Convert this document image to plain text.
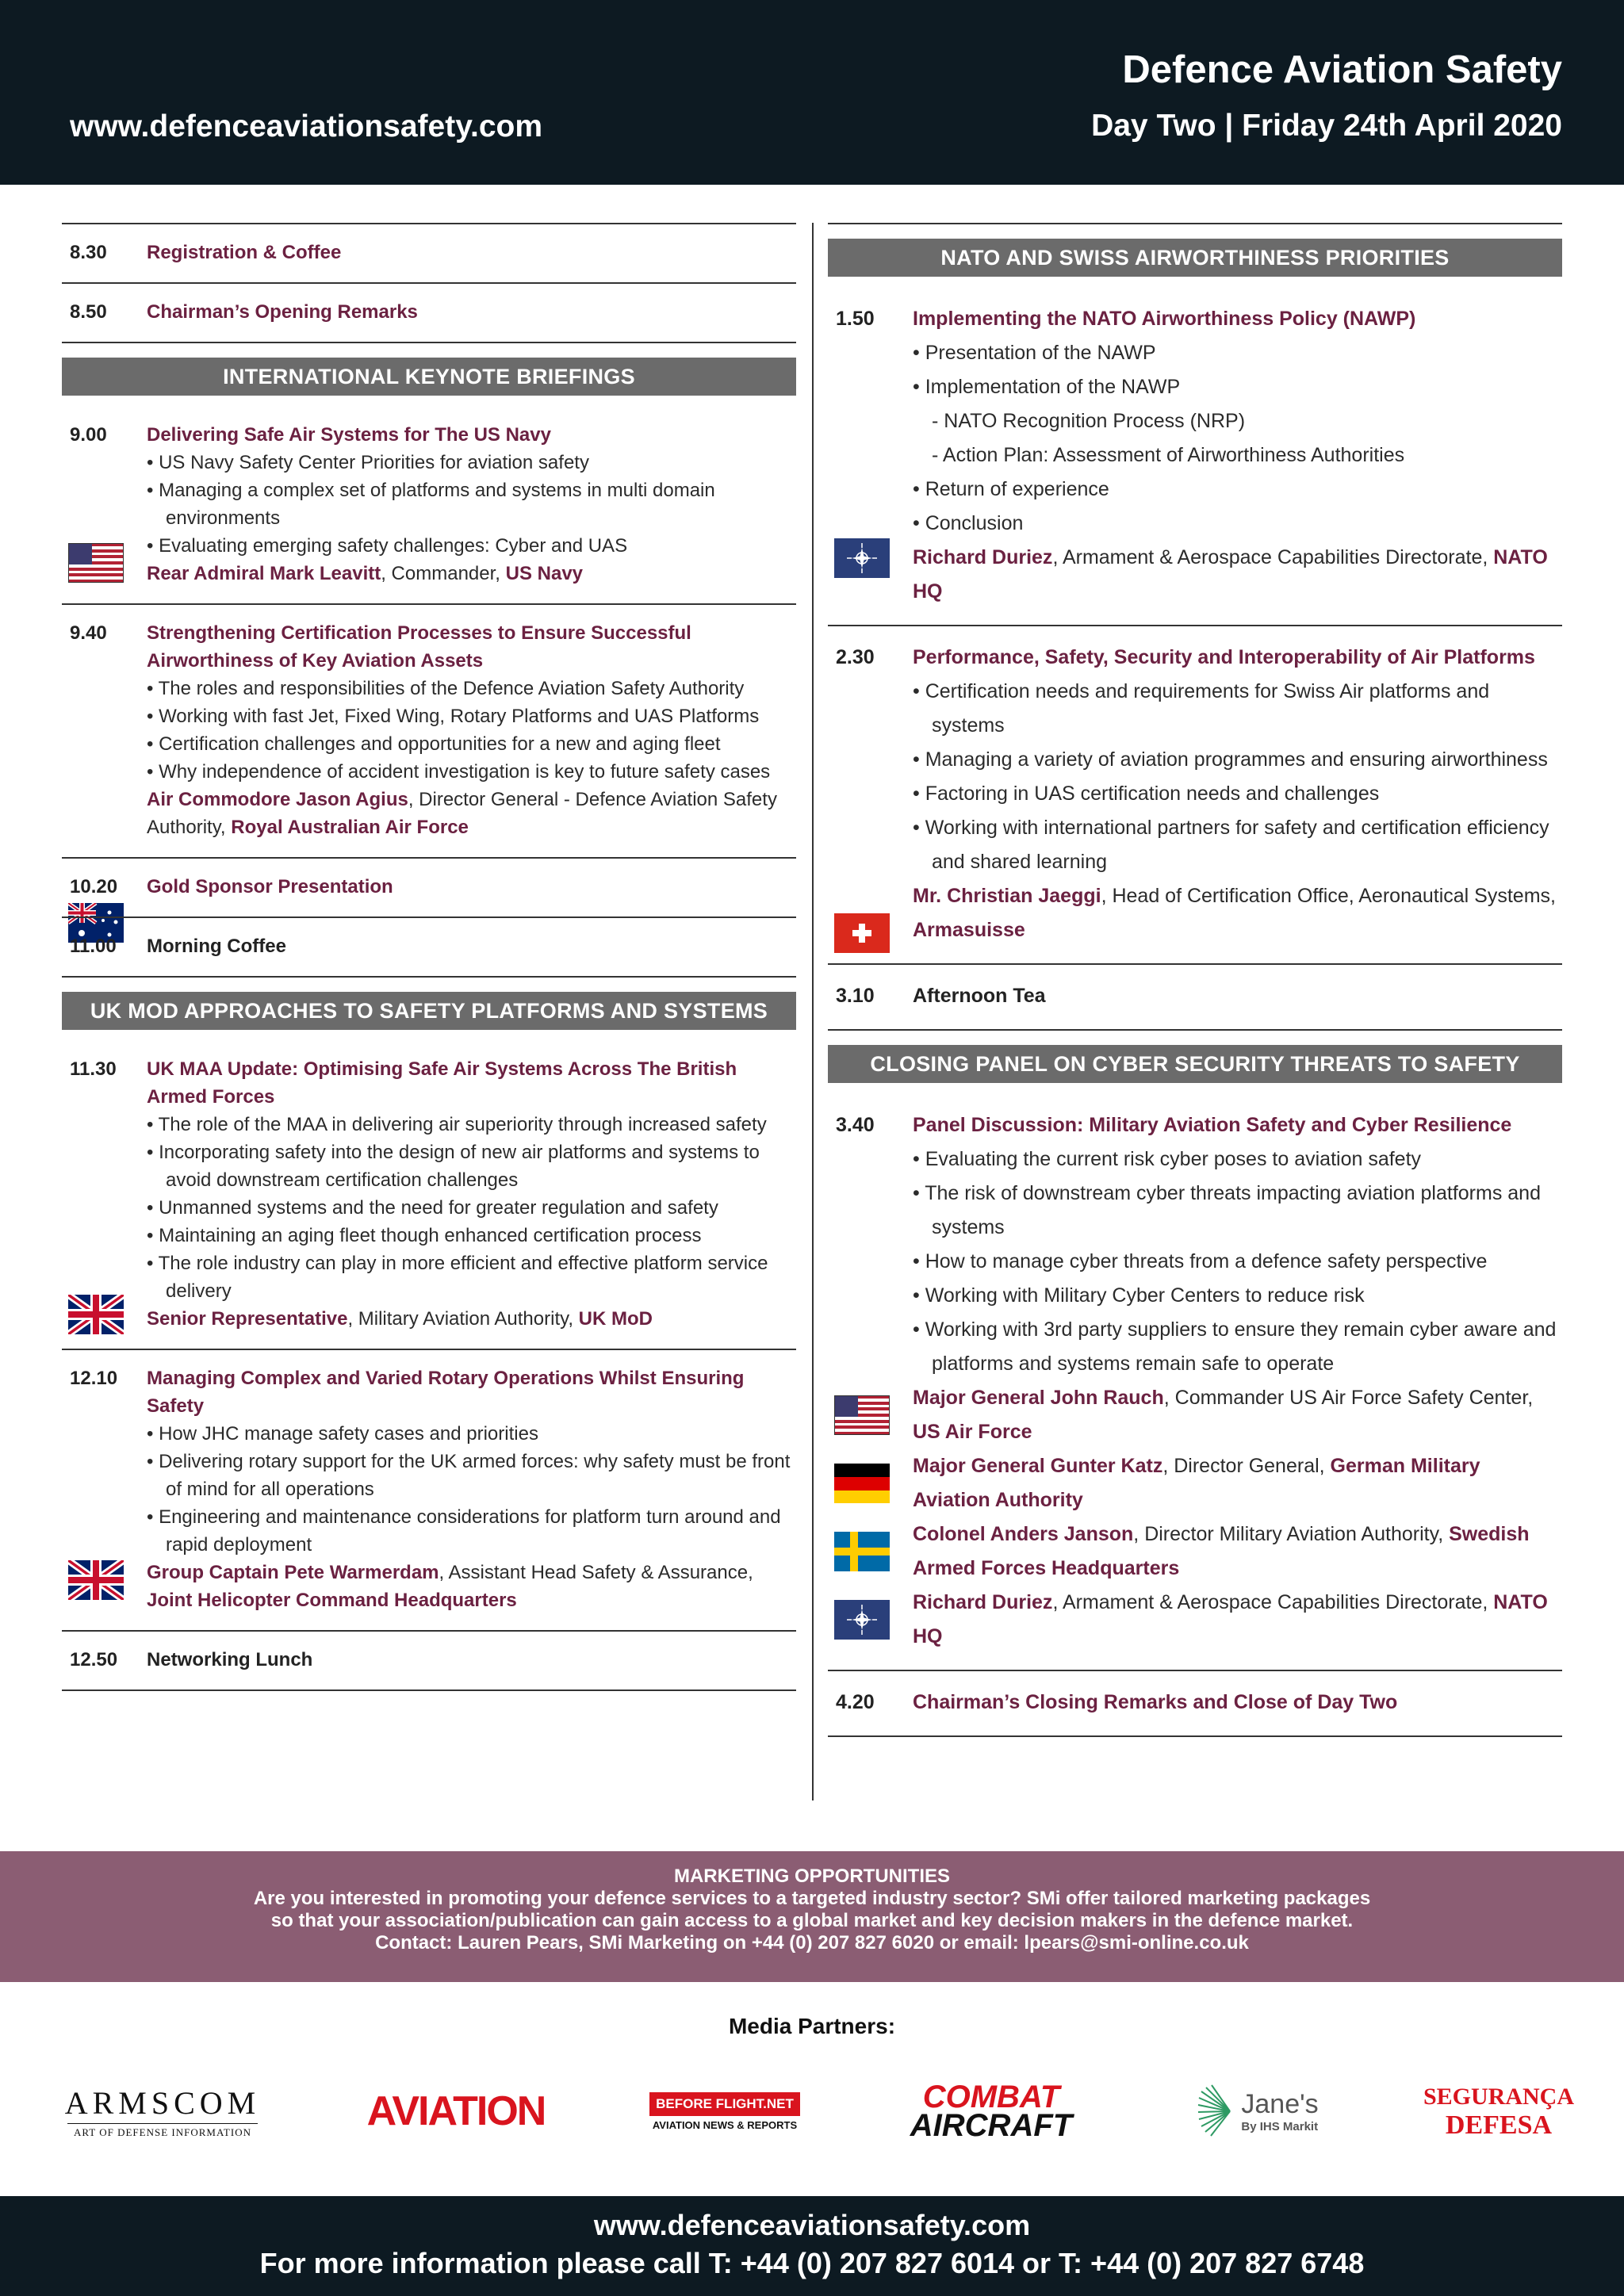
www.defenceaviationsafety.com
Defence Aviation Safety
Day Two | Friday 24th April 2020
8.30	Registration & Coffee
8.50	Chairman’s Opening Remarks
INTERNATIONAL KEYNOTE BRIEFINGS
9.00	Delivering Safe Air Systems for The US Navy
• US Navy Safety Center Priorities for aviation safety
• Managing a complex set of platforms and systems in multi domain environments
• Evaluating emerging safety challenges: Cyber and UAS
Rear Admiral Mark Leavitt, Commander, US Navy
9.40	Strengthening Certification Processes to Ensure Successful Airworthiness of Key Aviation Assets
• The roles and responsibilities of the Defence Aviation Safety Authority
• Working with fast Jet, Fixed Wing, Rotary Platforms and UAS Platforms
• Certification challenges and opportunities for a new and aging fleet
• Why independence of accident investigation is key to future safety cases
Air Commodore Jason Agius, Director General - Defence Aviation Safety Authority, Royal Australian Air Force
10.20	Gold Sponsor Presentation
11.00	Morning Coffee
UK MOD APPROACHES TO SAFETY PLATFORMS AND SYSTEMS
11.30	UK MAA Update: Optimising Safe Air Systems Across The British Armed Forces
• The role of the MAA in delivering air superiority through increased safety
• Incorporating safety into the design of new air platforms and systems to avoid downstream certification challenges
• Unmanned systems and the need for greater regulation and safety
• Maintaining an aging fleet though enhanced certification process
• The role industry can play in more efficient and effective platform service delivery
Senior Representative, Military Aviation Authority, UK MoD
12.10	Managing Complex and Varied Rotary Operations Whilst Ensuring Safety
• How JHC manage safety cases and priorities
• Delivering rotary support for the UK armed forces: why safety must be front of mind for all operations
• Engineering and maintenance considerations for platform turn around and rapid deployment
Group Captain Pete Warmerdam, Assistant Head Safety & Assurance, Joint Helicopter Command Headquarters
12.50	Networking Lunch
NATO AND SWISS AIRWORTHINESS PRIORITIES
1.50	Implementing the NATO Airworthiness Policy (NAWP)
• Presentation of the NAWP
• Implementation of the NAWP
- NATO Recognition Process (NRP)
- Action Plan: Assessment of Airworthiness Authorities
• Return of experience
• Conclusion
Richard Duriez, Armament & Aerospace Capabilities Directorate, NATO HQ
2.30	Performance, Safety, Security and Interoperability of Air Platforms
• Certification needs and requirements for Swiss Air platforms and systems
• Managing a variety of aviation programmes and ensuring airworthiness
• Factoring in UAS certification needs and challenges
• Working with international partners for safety and certification efficiency and shared learning
Mr. Christian Jaeggi, Head of Certification Office, Aeronautical Systems, Armasuisse
3.10	Afternoon Tea
CLOSING PANEL ON CYBER SECURITY THREATS TO SAFETY
3.40	Panel Discussion: Military Aviation Safety and Cyber Resilience
• Evaluating the current risk cyber poses to aviation safety
• The risk of downstream cyber threats impacting aviation platforms and systems
• How to manage cyber threats from a defence safety perspective
• Working with Military Cyber Centers to reduce risk
• Working with 3rd party suppliers to ensure they remain cyber aware and platforms and systems remain safe to operate
Major General John Rauch, Commander US Air Force Safety Center, US Air Force
Major General Gunter Katz, Director General, German Military Aviation Authority
Colonel Anders Janson, Director Military Aviation Authority, Swedish Armed Forces Headquarters
Richard Duriez, Armament & Aerospace Capabilities Directorate, NATO HQ
4.20	Chairman’s Closing Remarks and Close of Day Two
MARKETING OPPORTUNITIES
Are you interested in promoting your defence services to a targeted industry sector? SMi offer tailored marketing packages
so that your association/publication can gain access to a global market and key decision makers in the defence market.
Contact: Lauren Pears, SMi Marketing on +44 (0) 207 827 6020 or email: lpears@smi-online.co.uk
Media Partners:
ARMSCOM
ART OF DEFENSE INFORMATION	AVIATION	BEFORE FLIGHT.NET
AVIATION NEWS & REPORTS
COMBAT
AIRCRAFT
Jane's
By IHS Markit
SEGURANÇA
DEFESA
www.defenceaviationsafety.com
For more information please call T: +44 (0) 207 827 6014 or T: +44 (0) 207 827 6748
